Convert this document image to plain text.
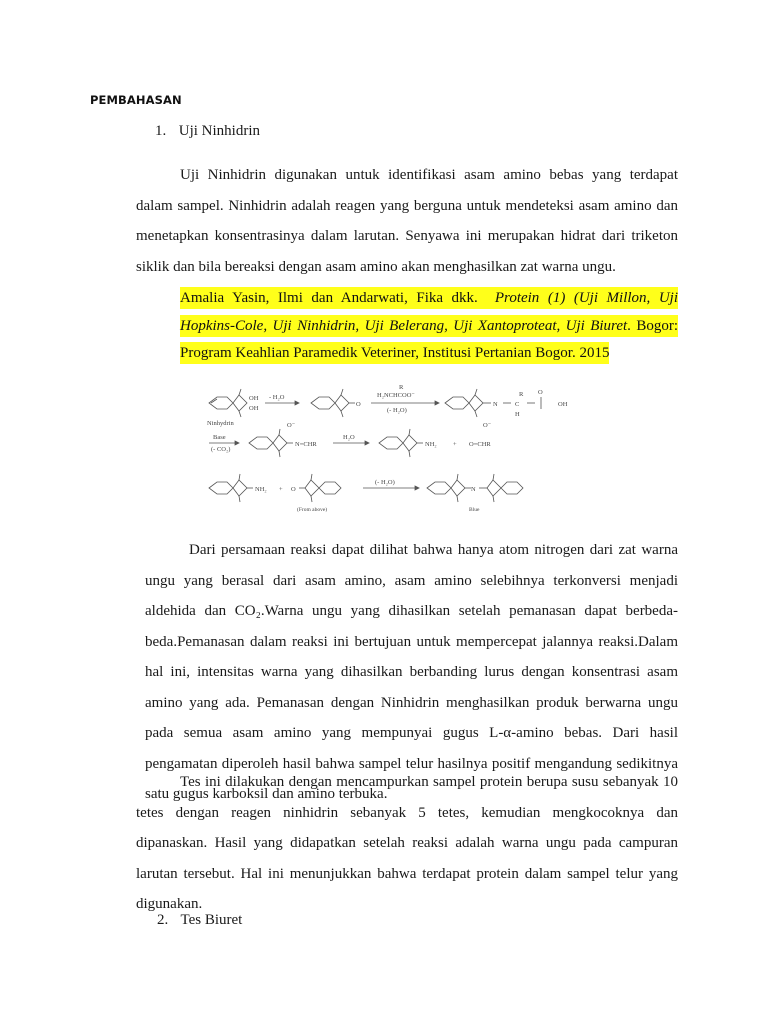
PEMBAHASAN
1. Uji Ninhidrin
Uji Ninhidrin digunakan untuk identifikasi asam amino bebas yang terdapat
dalam sampel. Ninhidrin adalah reagen yang berguna untuk mendeteksi asam amino dan
menetapkan konsentrasinya dalam larutan. Senyawa ini merupakan hidrat dari triketon
siklik dan bila bereaksi dengan asam amino akan menghasilkan zat warna ungu.
Amalia Yasin, Ilmi dan Andarwati, Fika dkk. Protein (1) (Uji Millon, Uji
Hopkins-Cole, Uji Ninhidrin, Uji Belerang, Uji Xantoproteat, Uji Biuret. Bogor:
Program Keahlian Paramedik Veteriner, Institusi Pertanian Bogor. 2015
OH
OH
Ninhydrin
- H₂O
O
R
H₂NCHCOO⁻
(- H₂O)
N
R
C
H
O
OH
O⁻	O⁻
Base
(- CO₂)
N=CHR
H₂O
NH₂	+ O=CHR
NH₂ + O
(From above)
(- H₂O)
N
Blue
Dari persamaan reaksi dapat dilihat bahwa hanya atom nitrogen dari zat warna
ungu yang berasal dari asam amino, asam amino selebihnya terkonversi menjadi
aldehida dan CO₂.Warna ungu yang dihasilkan setelah pemanasan dapat berbeda-
beda.Pemanasan dalam reaksi ini bertujuan untuk mempercepat jalannya reaksi.Dalam
hal ini, intensitas warna yang dihasilkan berbanding lurus dengan konsentrasi asam
amino yang ada. Pemanasan dengan Ninhidrin menghasilkan produk berwarna ungu
pada semua asam amino yang mempunyai gugus L-α-amino bebas. Dari hasil
pengamatan diperoleh hasil bahwa sampel telur hasilnya positif mengandung sedikitnya
satu gugus karboksil dan amino terbuka.
Tes ini dilakukan dengan mencampurkan sampel protein berupa susu sebanyak 10
tetes dengan reagen ninhidrin sebanyak 5 tetes, kemudian mengkocoknya dan
dipanaskan. Hasil yang didapatkan setelah reaksi adalah warna ungu pada campuran
larutan tersebut. Hal ini menunjukkan bahwa terdapat protein dalam sampel telur yang
digunakan.
2. Tes Biuret
